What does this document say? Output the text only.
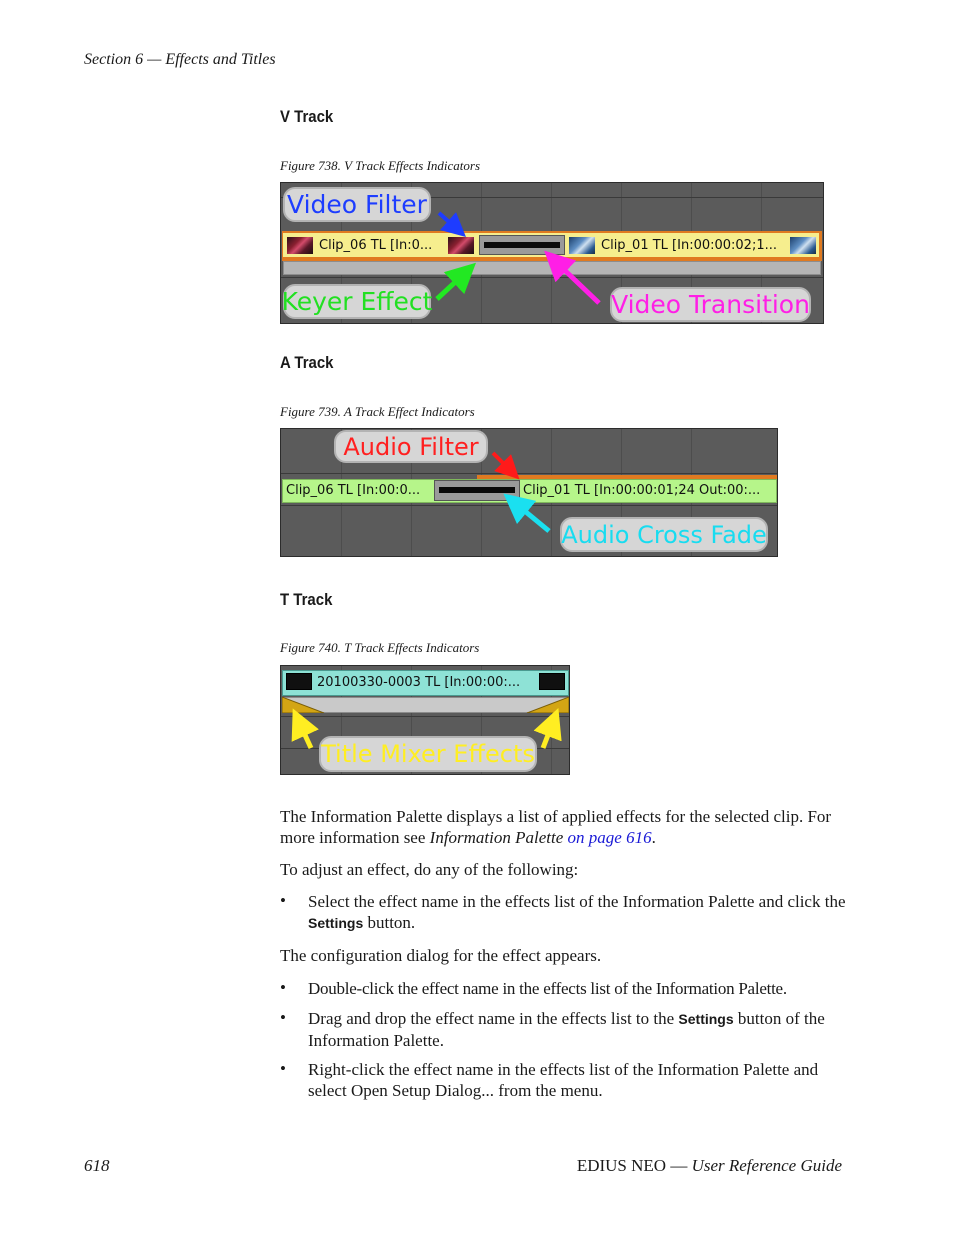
Section 6 — Effects and Titles
V Track
Figure 738. V Track Effects Indicators
Clip_06 TL [In:0...	Clip_01 TL [In:00:00:02;1...
Video Filter
Keyer Effect	Video Transition
A Track
Figure 739. A Track Effect Indicators
Clip_06 TL [In:00:0...	Clip_01 TL [In:00:00:01;24 Out:00:...
Audio Filter
Audio Cross Fade
T Track
Figure 740. T Track Effects Indicators
20100330-0003 TL [In:00:00:...
Title Mixer Effects
The Information Palette displays a list of applied effects for the selected clip. For more information see Information Palette on page 616.
To adjust an effect, do any of the following:
• Select the effect name in the effects list of the Information Palette and click the Settings button.
The configuration dialog for the effect appears.
• Double-click the effect name in the effects list of the Information Palette.
• Drag and drop the effect name in the effects list to the Settings button of the Information Palette.
• Right-click the effect name in the effects list of the Information Palette and select Open Setup Dialog... from the menu.
618	EDIUS NEO — User Reference Guide
